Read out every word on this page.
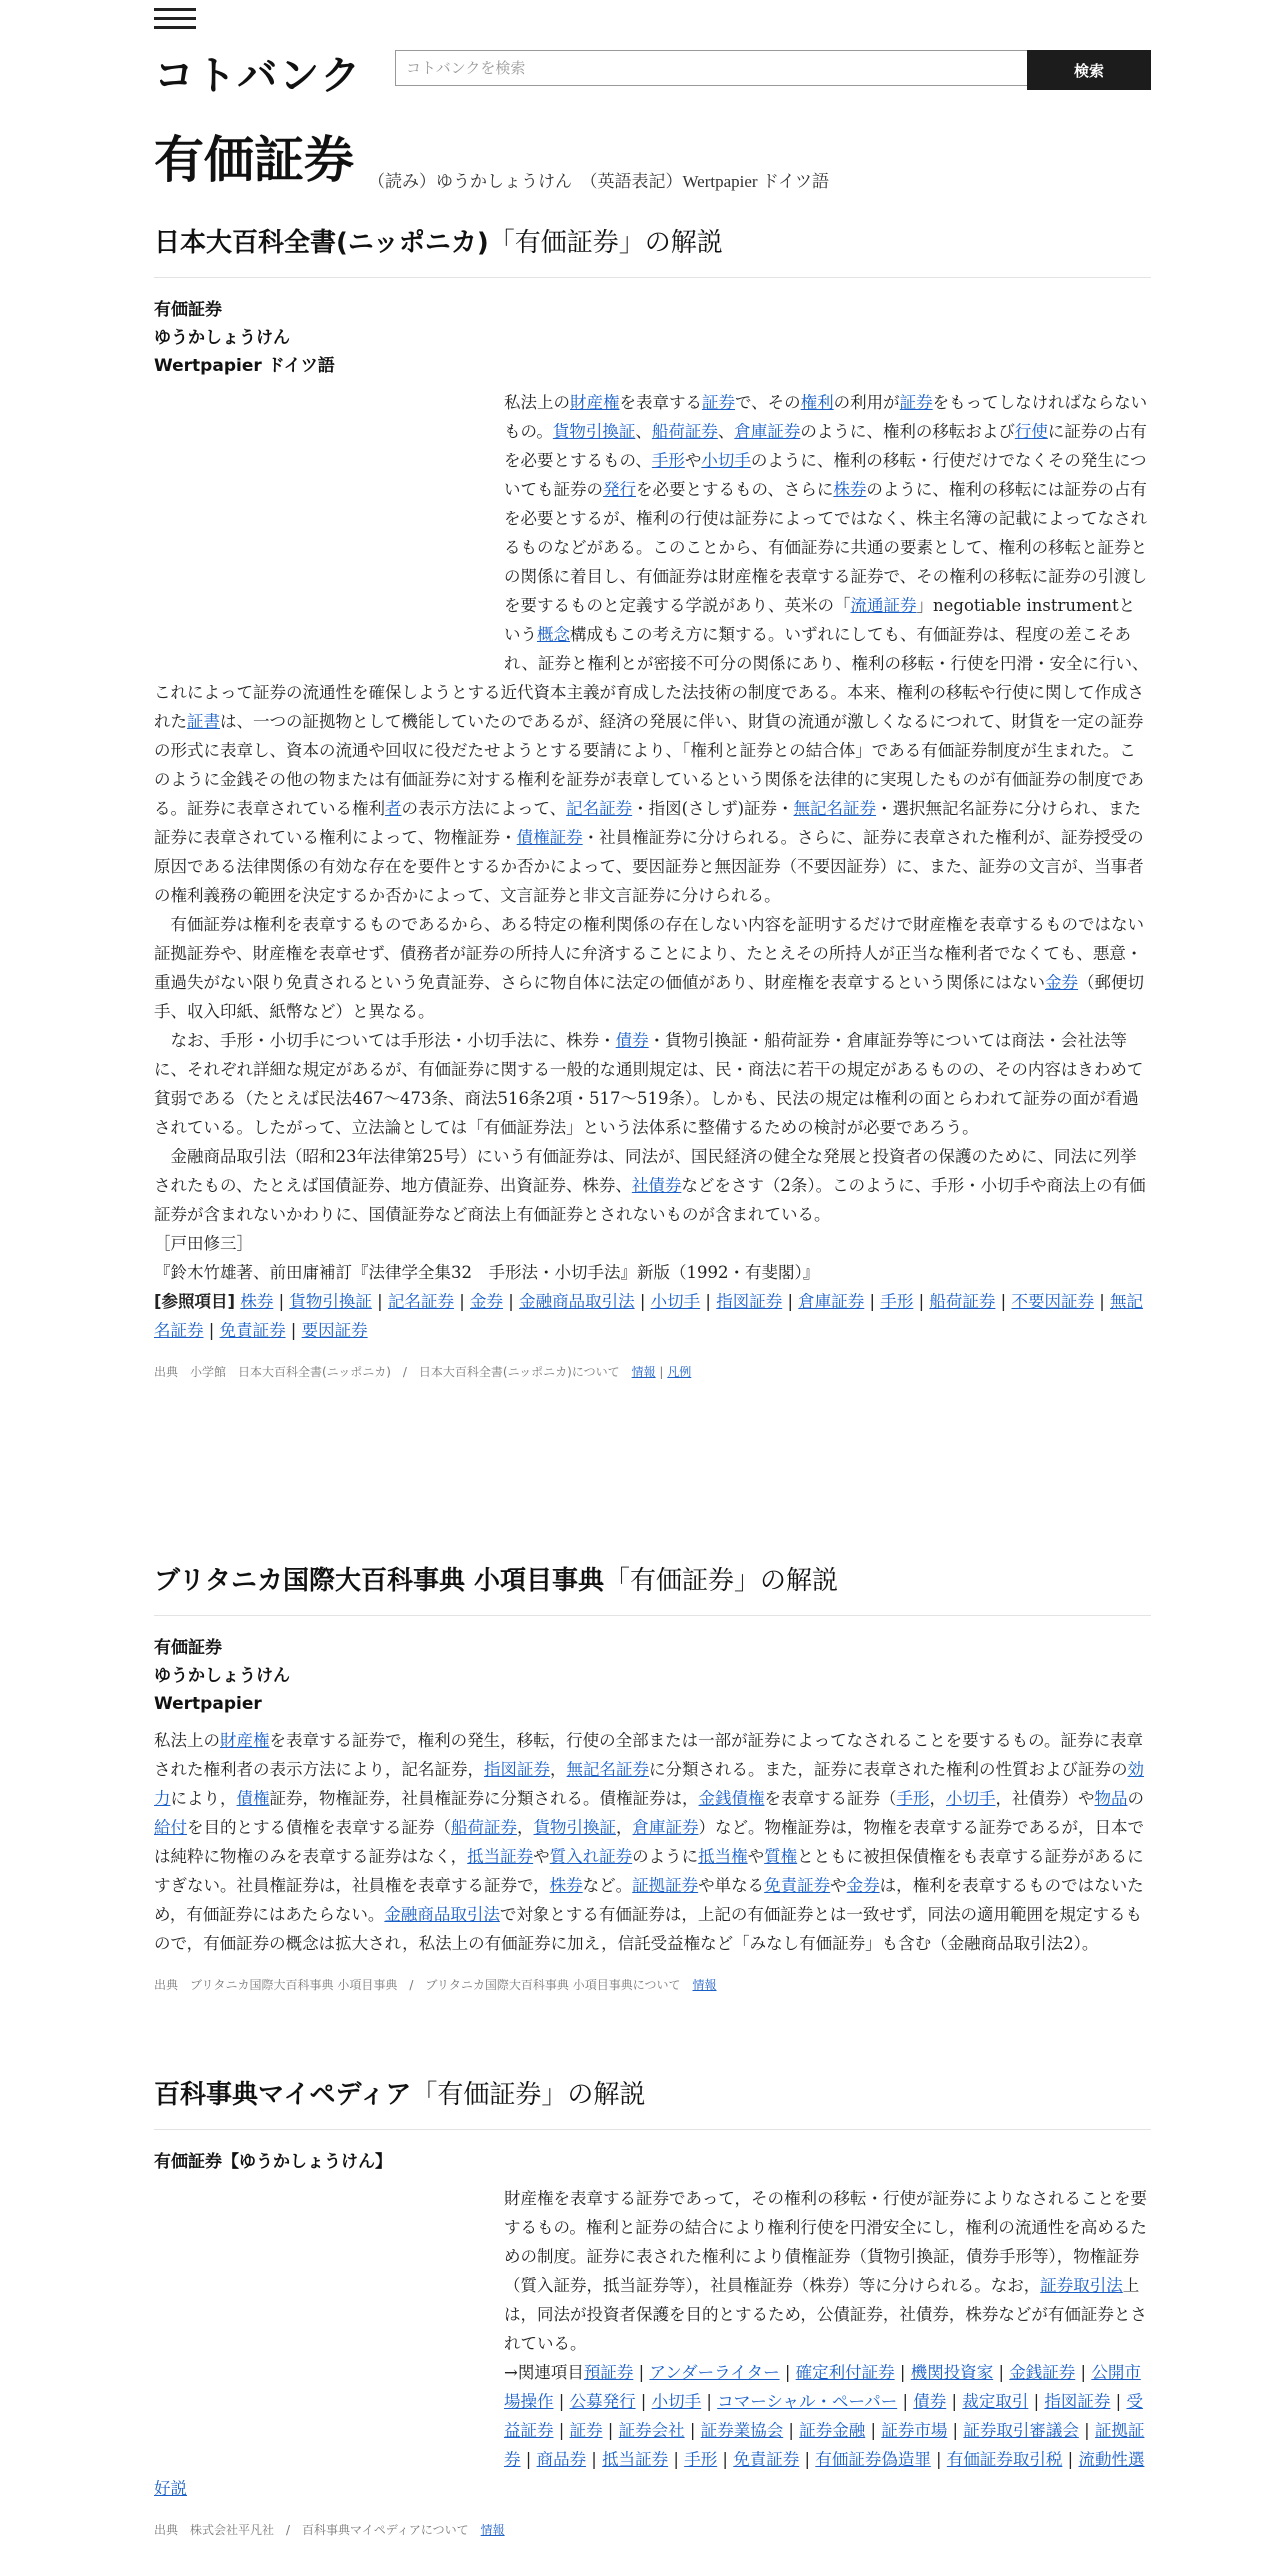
コトバンク
コトバンクを検索	検索
有価証券 （読み）ゆうかしょうけん　（英語表記）Wertpapier ドイツ語
日本大百科全書(ニッポニカ)「有価証券」の解説
有価証券
ゆうかしょうけん
Wertpapier ドイツ語

私法上の財産権を表章する証券で、その権利の利用が証券をもってしなければならないもの。貨物引換証、船荷証券、倉庫証券のように、権利の移転および行使に証券の占有を必要とするもの、手形や小切手のように、権利の移転・行使だけでなくその発生についても証券の発行を必要とするもの、さらに株券のように、権利の移転には証券の占有を必要とするが、権利の行使は証券によってではなく、株主名簿の記載によってなされるものなどがある。このことから、有価証券に共通の要素として、権利の移転と証券との関係に着目し、有価証券は財産権を表章する証券で、その権利の移転に証券の引渡しを要するものと定義する学説があり、英米の「流通証券」negotiable instrumentという概念構成もこの考え方に類する。いずれにしても、有価証券は、程度の差こそあれ、証券と権利とが密接不可分の関係にあり、権利の移転・行使を円滑・安全に行い、これによって証券の流通性を確保しようとする近代資本主義が育成した法技術の制度である。本来、権利の移転や行使に関して作成された証書は、一つの証拠物として機能していたのであるが、経済の発展に伴い、財貨の流通が激しくなるにつれて、財貨を一定の証券の形式に表章し、資本の流通や回収に役だたせようとする要請により、「権利と証券との結合体」である有価証券制度が生まれた。このように金銭その他の物または有価証券に対する権利を証券が表章しているという関係を法律的に実現したものが有価証券の制度である。証券に表章されている権利者の表示方法によって、記名証券・指図(さしず)証券・無記名証券・選択無記名証券に分けられ、また証券に表章されている権利によって、物権証券・債権証券・社員権証券に分けられる。さらに、証券に表章された権利が、証券授受の原因である法律関係の有効な存在を要件とするか否かによって、要因証券と無因証券（不要因証券）に、また、証券の文言が、当事者の権利義務の範囲を決定するか否かによって、文言証券と非文言証券に分けられる。

　有価証券は権利を表章するものであるから、ある特定の権利関係の存在しない内容を証明するだけで財産権を表章するものではない証拠証券や、財産権を表章せず、債務者が証券の所持人に弁済することにより、たとえその所持人が正当な権利者でなくても、悪意・重過失がない限り免責されるという免責証券、さらに物自体に法定の価値があり、財産権を表章するという関係にはない金券（郵便切手、収入印紙、紙幣など）と異なる。

　なお、手形・小切手については手形法・小切手法に、株券・債券・貨物引換証・船荷証券・倉庫証券等については商法・会社法等に、それぞれ詳細な規定があるが、有価証券に関する一般的な通則規定は、民・商法に若干の規定があるものの、その内容はきわめて貧弱である（たとえば民法467～473条、商法516条2項・517～519条）。しかも、民法の規定は権利の面とらわれて証券の面が看過されている。したがって、立法論としては「有価証券法」という法体系に整備するための検討が必要であろう。

　金融商品取引法（昭和23年法律第25号）にいう有価証券は、同法が、国民経済の健全な発展と投資者の保護のために、同法に列挙されたもの、たとえば国債証券、地方債証券、出資証券、株券、社債券などをさす（2条）。このように、手形・小切手や商法上の有価証券が含まれないかわりに、国債証券など商法上有価証券とされないものが含まれている。

［戸田修三］

『鈴木竹雄著、前田庸補訂『法律学全集32　手形法・小切手法』新版（1992・有斐閣）』

[参照項目] 株券 | 貨物引換証 | 記名証券 | 金券 | 金融商品取引法 | 小切手 | 指図証券 | 倉庫証券 | 手形 | 船荷証券 | 不要因証券 | 無記名証券 | 免責証券 | 要因証券

出典　小学館　日本大百科全書(ニッポニカ)　/　日本大百科全書(ニッポニカ)について　 情報 | 凡例
ブリタニカ国際大百科事典 小項目事典「有価証券」の解説
有価証券
ゆうかしょうけん
Wertpapier

私法上の財産権を表章する証券で，権利の発生，移転，行使の全部または一部が証券によってなされることを要するもの。証券に表章された権利者の表示方法により，記名証券，指図証券，無記名証券に分類される。また，証券に表章された権利の性質および証券の効力により，債権証券，物権証券，社員権証券に分類される。債権証券は，金銭債権を表章する証券（手形，小切手，社債券）や物品の給付を目的とする債権を表章する証券（船荷証券，貨物引換証，倉庫証券）など。物権証券は，物権を表章する証券であるが，日本では純粋に物権のみを表章する証券はなく，抵当証券や質入れ証券のように抵当権や質権とともに被担保債権をも表章する証券があるにすぎない。社員権証券は，社員権を表章する証券で，株券など。証拠証券や単なる免責証券や金券は，権利を表章するものではないため，有価証券にはあたらない。金融商品取引法で対象とする有価証券は，上記の有価証券とは一致せず，同法の適用範囲を規定するもので，有価証券の概念は拡大され，私法上の有価証券に加え，信託受益権など「みなし有価証券」も含む（金融商品取引法2）。

出典　ブリタニカ国際大百科事典 小項目事典　/　ブリタニカ国際大百科事典 小項目事典について　 情報
百科事典マイペディア「有価証券」の解説
有価証券【ゆうかしょうけん】

財産権を表章する証券であって，その権利の移転・行使が証券によりなされることを要するもの。権利と証券の結合により権利行使を円滑安全にし，権利の流通性を高めるための制度。証券に表された権利により債権証券（貨物引換証，債券手形等），物権証券（質入証券，抵当証券等），社員権証券（株券）等に分けられる。なお，証券取引法上は，同法が投資者保護を目的とするため，公債証券，社債券，株券などが有価証券とされている。

→関連項目預証券 | アンダーライター | 確定利付証券 | 機関投資家 | 金銭証券 | 公開市場操作 | 公募発行 | 小切手 | コマーシャル・ペーパー | 債券 | 裁定取引 | 指図証券 | 受益証券 | 証券 | 証券会社 | 証券業協会 | 証券金融 | 証券市場 | 証券取引審議会 | 証拠証券 | 商品券 | 抵当証券 | 手形 | 免責証券 | 有価証券偽造罪 | 有価証券取引税 | 流動性選好説

出典　株式会社平凡社　/　百科事典マイペディアについて　 情報
